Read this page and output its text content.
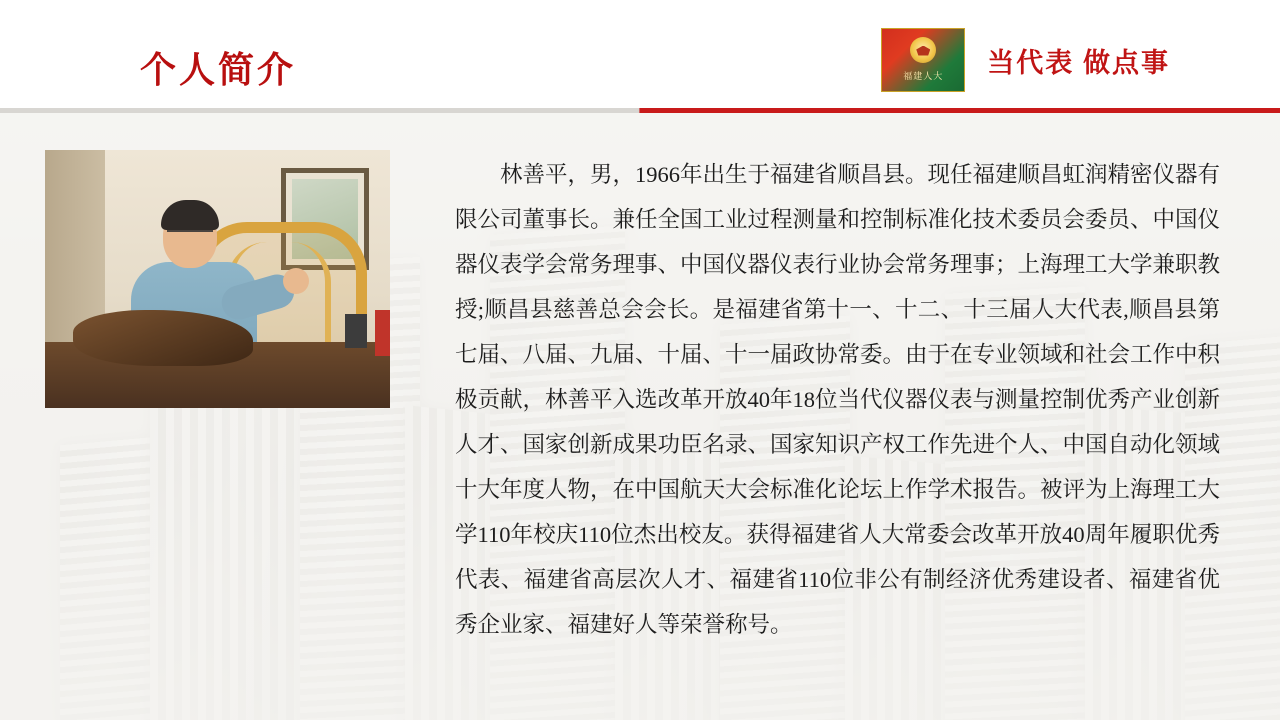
个人简介	福建人大	当代表 做点事

林善平，男，1966年出生于福建省顺昌县。现任福建顺昌虹润精密仪器有限公司董事长。兼任全国工业过程测量和控制标准化技术委员会委员、中国仪器仪表学会常务理事、中国仪器仪表行业协会常务理事；上海理工大学兼职教授;顺昌县慈善总会会长。是福建省第十一、十二、十三届人大代表,顺昌县第七届、八届、九届、十届、十一届政协常委。由于在专业领域和社会工作中积极贡献，林善平入选改革开放40年18位当代仪器仪表与测量控制优秀产业创新人才、国家创新成果功臣名录、国家知识产权工作先进个人、中国自动化领域十大年度人物，在中国航天大会标准化论坛上作学术报告。被评为上海理工大学110年校庆110位杰出校友。获得福建省人大常委会改革开放40周年履职优秀代表、福建省高层次人才、福建省110位非公有制经济优秀建设者、福建省优秀企业家、福建好人等荣誉称号。
